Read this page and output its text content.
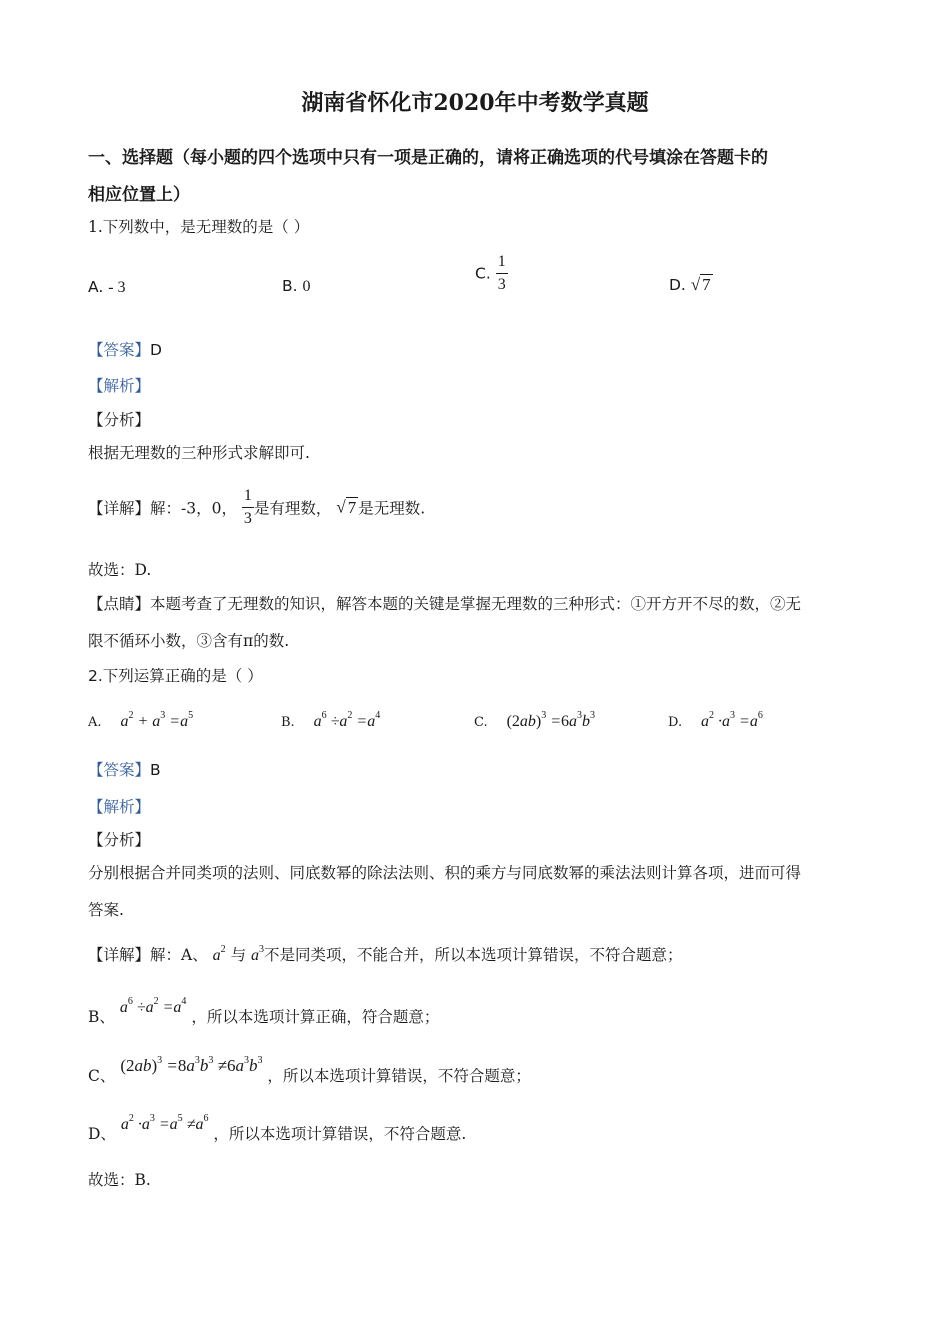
湖南省怀化市2020年中考数学真题
一、选择题（每小题的四个选项中只有一项是正确的，请将正确选项的代号填涂在答题卡的
相应位置上）
1.下列数中，是无理数的是（ ）
A. - 3	B. 0
C. $\frac{1}{3}$	D. √ 7
【答案】D
【解析】
【分析】
根据无理数的三种形式求解即可.
【详解】解：-3，0， $\frac{1}{3}$ 是有理数， √ 7 是无理数.
故选：D.
【点睛】本题考查了无理数的知识，解答本题的关键是掌握无理数的三种形式：①开方开不尽的数，②无
限不循环小数，③含有π的数.
2.下列运算正确的是（ ）
A. $a^2 + a^3 =a^5$	B. $a^6 \div a^2 =a^4$	C. $(2ab)^3 =6a^3b^3$	D. $a^2 \cdot a^3 =a^6$
【答案】B
【解析】
【分析】
分别根据合并同类项的法则、同底数幂的除法法则、积的乘方与同底数幂的乘法法则计算各项，进而可得
答案.
【详解】解：A、 $a^2$ 与 $a^3$不是同类项，不能合并，所以本选项计算错误，不符合题意；
B、 $a^6 \div a^2 =a^4$ ，所以本选项计算正确，符合题意；
C、 $(2ab)^3 =8a^3b^3 \ne 6a^3b^3$ ，所以本选项计算错误，不符合题意；
D、 $a^2 \cdot a^3 =a^5 \ne a^6$ ，所以本选项计算错误，不符合题意.
故选：B.
